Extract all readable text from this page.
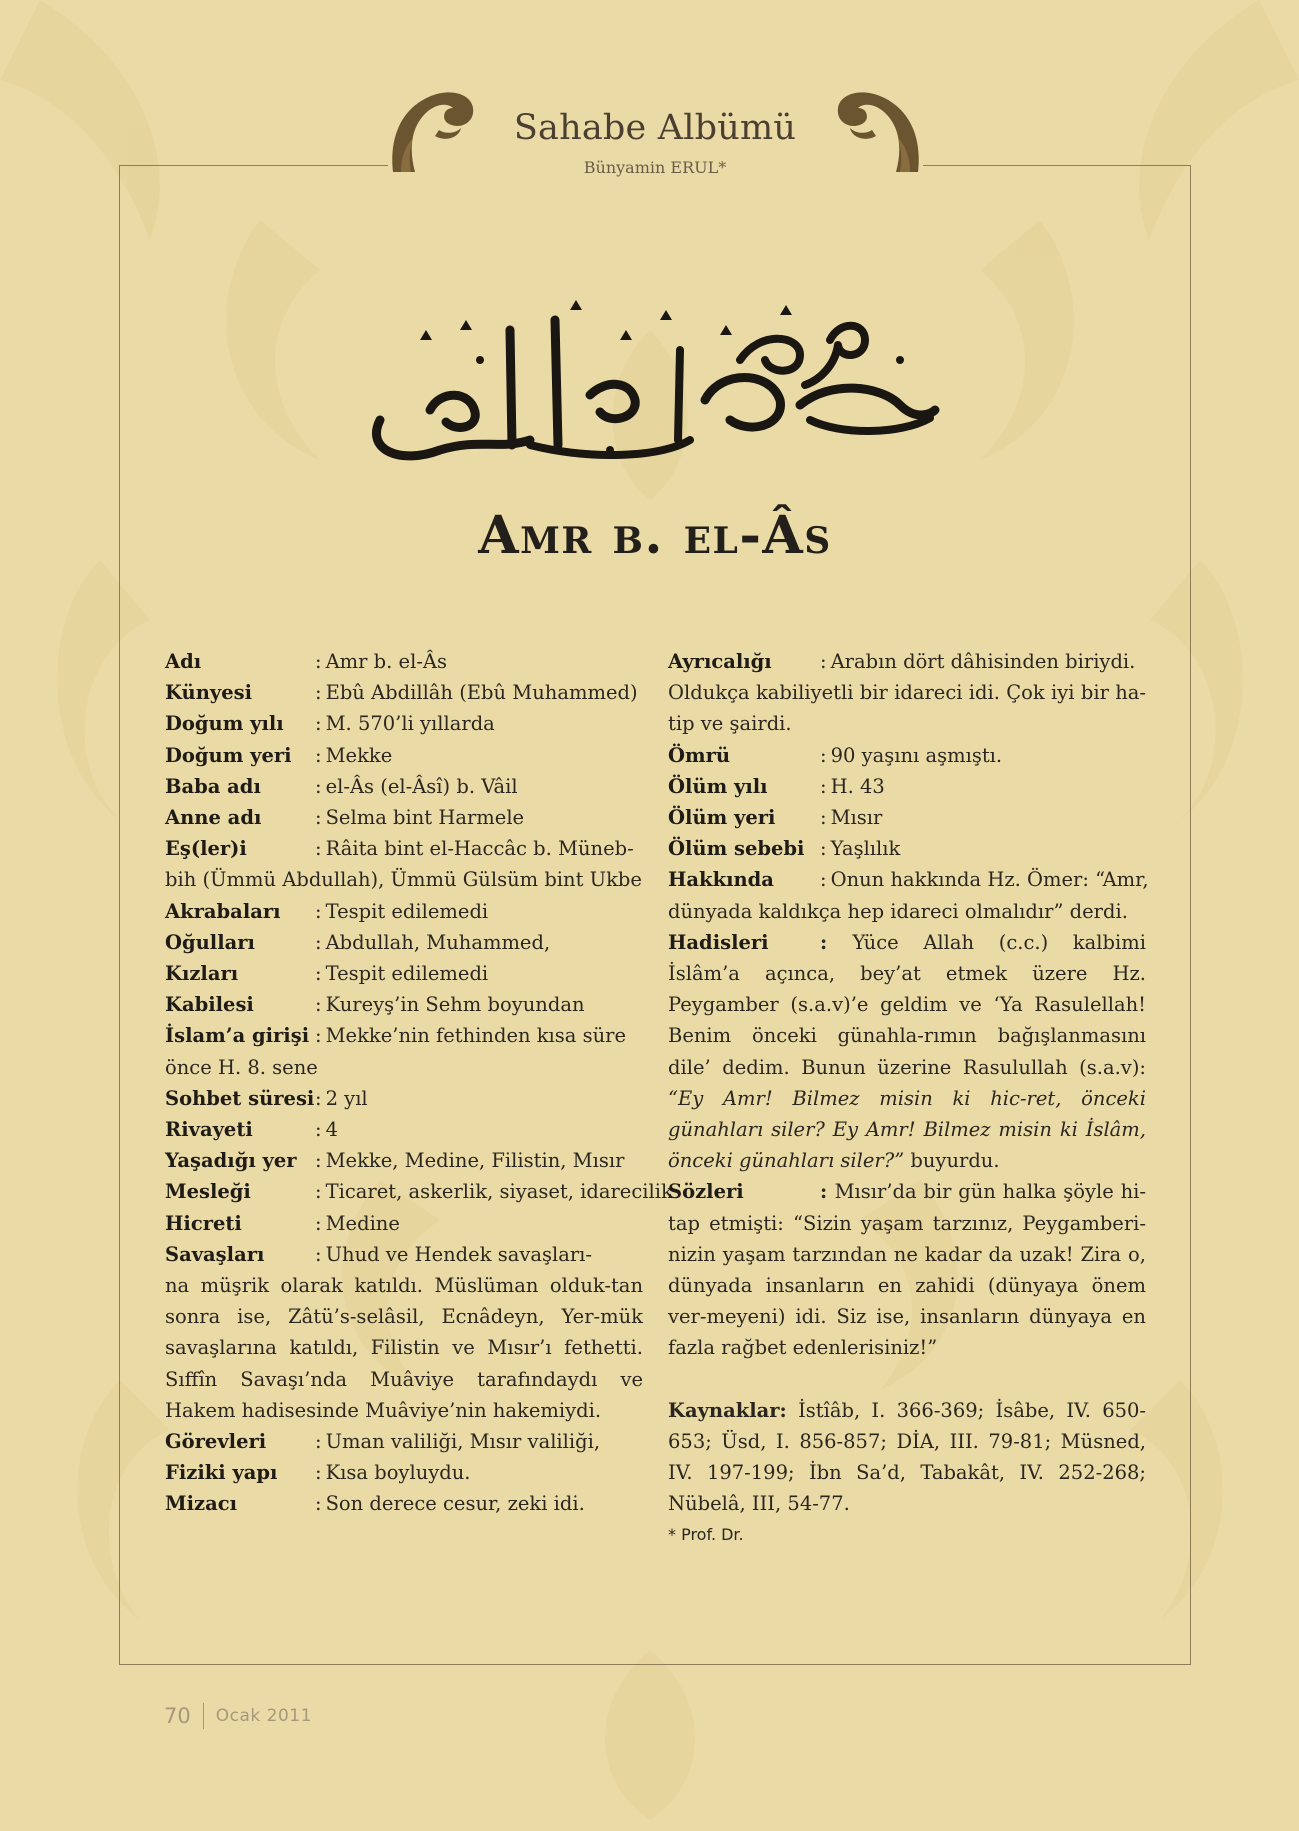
Sahabe Albümü
Bünyamin ERUL*
Amr b. el-Âs
Adı	: Amr b. el-Âs
Künyesi	: Ebû Abdillâh (Ebû Muhammed)
Doğum yılı	: M. 570’li yıllarda
Doğum yeri	: Mekke
Baba adı	: el-Âs (el-Âsî) b. Vâil
Anne adı	: Selma bint Harmele
Eş(ler)i	: Râita bint el-Haccâc b. Müneb-
bih (Ümmü Abdullah), Ümmü Gülsüm bint Ukbe
Akrabaları	: Tespit edilemedi
Oğulları	: Abdullah, Muhammed,
Kızları	: Tespit edilemedi
Kabilesi	: Kureyş’in Sehm boyundan
İslam’a girişi : Mekke’nin fethinden kısa süre
önce H. 8. sene
Sohbet süresi : 2 yıl
Rivayeti	: 4
Yaşadığı yer : Mekke, Medine, Filistin, Mısır
Mesleği	: Ticaret, askerlik, siyaset, idarecilik
Hicreti	: Medine
Savaşları	: Uhud ve Hendek savaşları-
na müşrik olarak katıldı. Müslüman olduk-tan sonra ise, Zâtü’s-selâsil, Ecnâdeyn, Yer-mük savaşlarına katıldı, Filistin ve Mısır’ı fethetti. Sıffîn Savaşı’nda Muâviye tarafındaydı ve Hakem hadisesinde Muâviye’nin hakemiydi.
Görevleri	: Uman valiliği, Mısır valiliği,
Fiziki yapı	: Kısa boyluydu.
Mizacı	: Son derece cesur, zeki idi.
Ayrıcalığı	: Arabın dört dâhisinden biriydi.
Oldukça kabiliyetli bir idareci idi. Çok iyi bir ha-tip ve şairdi.
Ömrü	: 90 yaşını aşmıştı.
Ölüm yılı	: H. 43
Ölüm yeri	: Mısır
Ölüm sebebi : Yaşlılık
Hakkında	: Onun hakkında Hz. Ömer: “Amr,
dünyada kaldıkça hep idareci olmalıdır” derdi.
Hadisleri	: Yüce Allah (c.c.) kalbimi İslâm’a açınca, bey’at etmek üzere Hz. Peygamber (s.a.v)’e geldim ve ‘Ya Rasulellah! Benim önceki günahla-rımın bağışlanmasını dile’ dedim. Bunun üzerine Rasulullah (s.a.v): “Ey Amr! Bilmez misin ki hic-ret, önceki günahları siler? Ey Amr! Bilmez misin ki İslâm, önceki günahları siler?” buyurdu.
Sözleri	: Mısır’da bir gün halka şöyle hi-tap etmişti: “Sizin yaşam tarzınız, Peygamberi-nizin yaşam tarzından ne kadar da uzak! Zira o, dünyada insanların en zahidi (dünyaya önem ver-meyeni) idi. Siz ise, insanların dünyaya en fazla rağbet edenlerisiniz!”
Kaynaklar: İstîâb, I. 366-369; İsâbe, IV. 650-653; Üsd, I. 856-857; DİA, III. 79-81; Müsned, IV. 197-199; İbn Sa’d, Tabakât, IV. 252-268; Nübelâ, III, 54-77.
* Prof. Dr.
70 Ocak 2011
